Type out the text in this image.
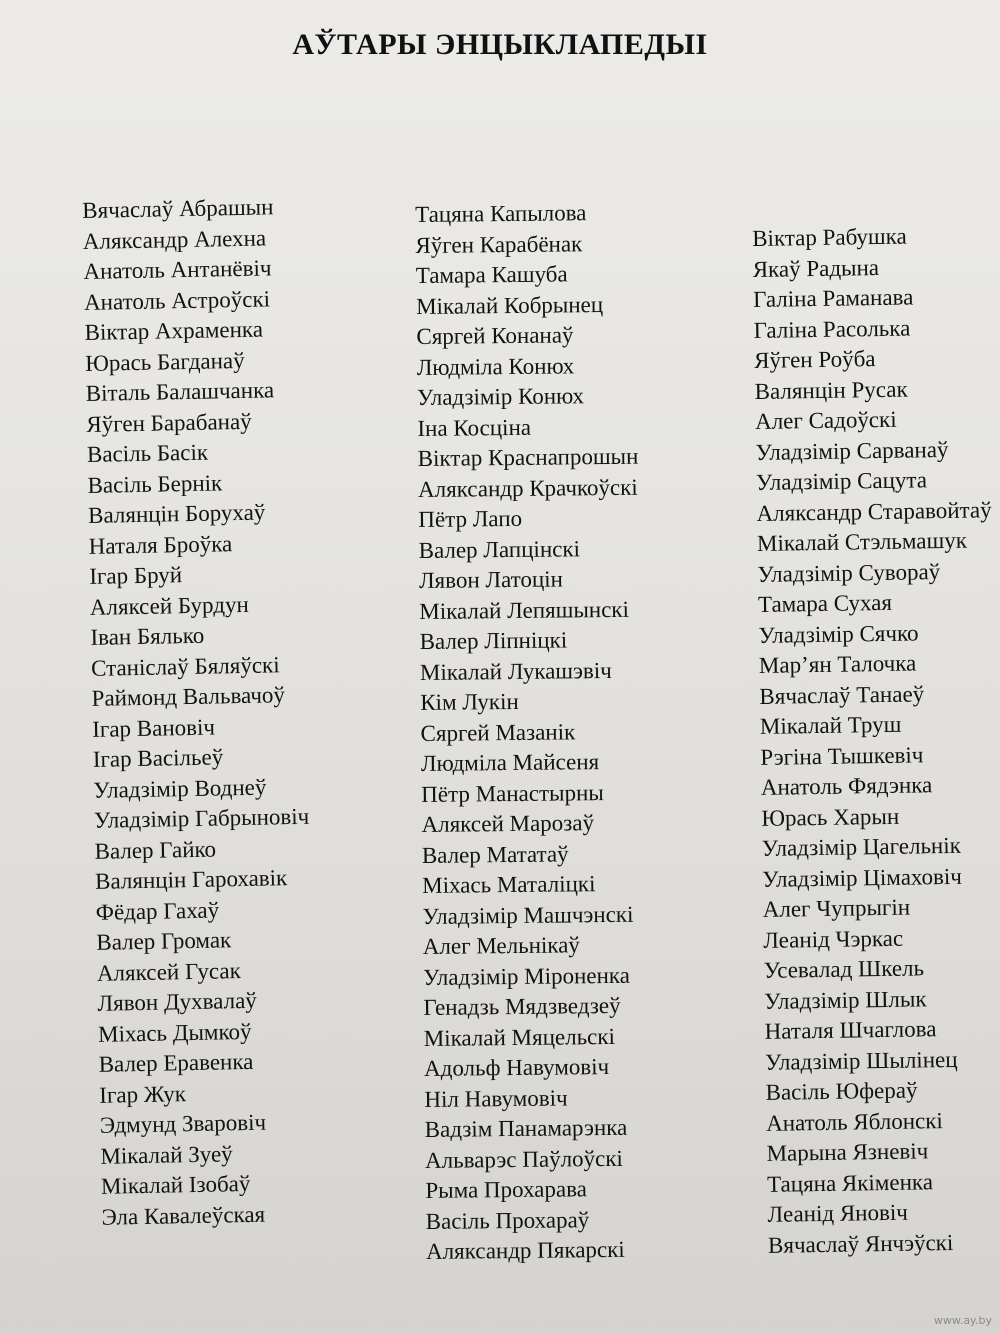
АЎТАРЫ ЭНЦЫКЛАПЕДЫІ
Вячаслаў Абрашын
Аляксандр Алехна
Анатоль Антанёвіч
Анатоль Астроўскі
Віктар Ахраменка
Юрась Багданаў
Віталь Балашчанка
Яўген Барабанаў
Васіль Басік
Васіль Бернік
Валянцін Борухаў
Наталя Броўка
Ігар Бруй
Аляксей Бурдун
Іван Бялько
Станіслаў Бяляўскі
Раймонд Вальвачоў
Ігар Вановіч
Ігар Васільеў
Уладзімір Воднеў
Уладзімір Габрыновіч
Валер Гайко
Валянцін Гарохавік
Фёдар Гахаў
Валер Громак
Аляксей Гусак
Лявон Духвалаў
Міхась Дымкоў
Валер Еравенка
Ігар Жук
Эдмунд Зваровіч
Мікалай Зуеў
Мікалай Ізобаў
Эла Кавалеўская
Тацяна Капылова
Яўген Карабёнак
Тамара Кашуба
Мікалай Кобрынец
Сяргей Конанаў
Людміла Конюх
Уладзімір Конюх
Іна Косціна
Віктар Краснапрошын
Аляксандр Крачкоўскі
Пётр Лапо
Валер Лапцінскі
Лявон Латоцін
Мікалай Лепяшынскі
Валер Ліпніцкі
Мікалай Лукашэвіч
Кім Лукін
Сяргей Мазанік
Людміла Майсеня
Пётр Манастырны
Аляксей Марозаў
Валер Мататаў
Міхась Маталіцкі
Уладзімір Машчэнскі
Алег Мельнікаў
Уладзімір Міроненка
Генадзь Мядзведзеў
Мікалай Мяцельскі
Адольф Навумовіч
Ніл Навумовіч
Вадзім Панамарэнка
Альварэс Паўлоўскі
Рыма Прохарава
Васіль Прохараў
Аляксандр Пякарскі
Віктар Рабушка
Якаў Радына
Галіна Раманава
Галіна Расолька
Яўген Роўба
Валянцін Русак
Алег Садоўскі
Уладзімір Сарванаў
Уладзімір Сацута
Аляксандр Старавойтаў
Мікалай Стэльмашук
Уладзімір Сувораў
Тамара Сухая
Уладзімір Сячко
Мар’ян Талочка
Вячаслаў Танаеў
Мікалай Труш
Рэгіна Тышкевіч
Анатоль Фядэнка
Юрась Харын
Уладзімір Цагельнік
Уладзімір Цімаховіч
Алег Чупрыгін
Леанід Чэркас
Усевалад Шкель
Уладзімір Шлык
Наталя Шчаглова
Уладзімір Шылінец
Васіль Юфераў
Анатоль Яблонскі
Марына Язневіч
Тацяна Якіменка
Леанід Яновіч
Вячаслаў Янчэўскі
www.ay.by
